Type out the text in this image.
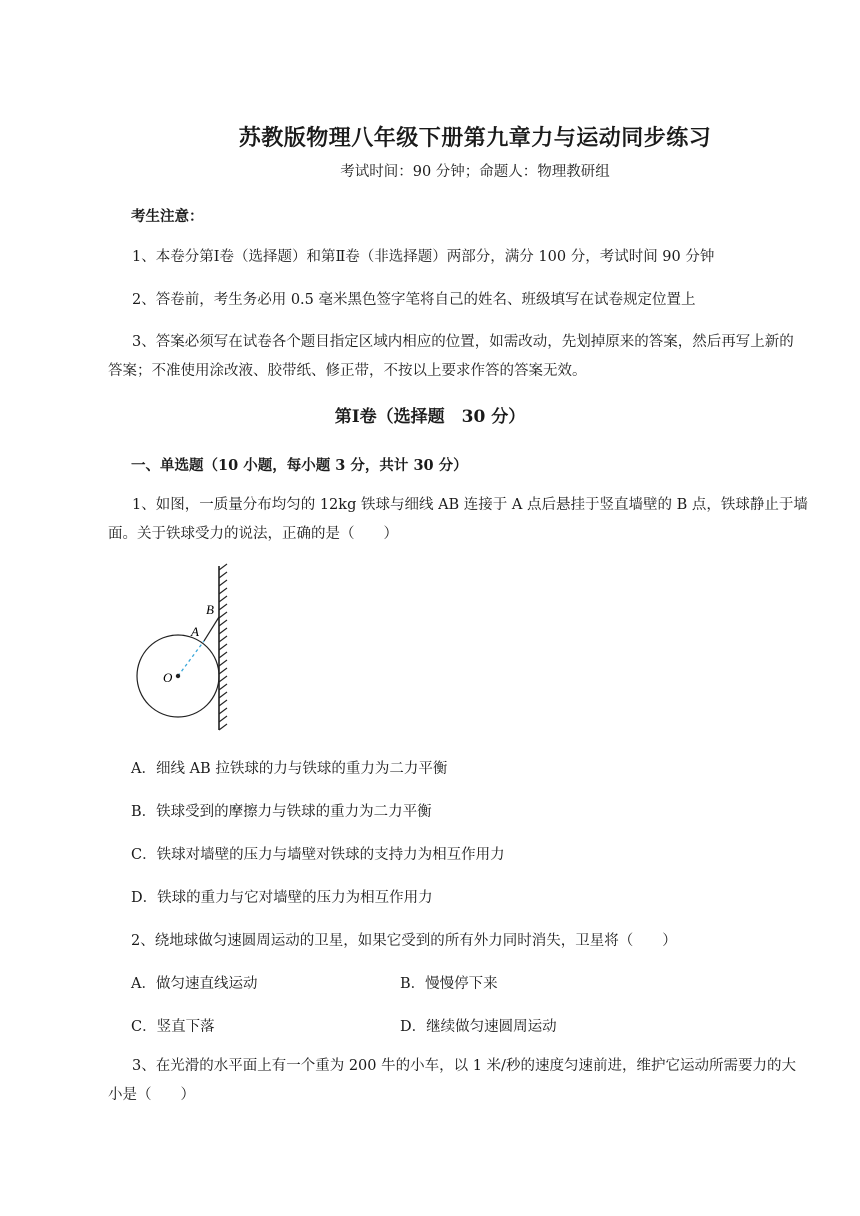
苏教版物理八年级下册第九章力与运动同步练习
考试时间：90 分钟；命题人：物理教研组
考生注意：
1、本卷分第Ⅰ卷（选择题）和第Ⅱ卷（非选择题）两部分，满分 100 分，考试时间 90 分钟
2、答卷前，考生务必用 0.5 毫米黑色签字笔将自己的姓名、班级填写在试卷规定位置上
3、答案必须写在试卷各个题目指定区域内相应的位置，如需改动，先划掉原来的答案，然后再写上新的答案；不准使用涂改液、胶带纸、修正带，不按以上要求作答的答案无效。
第Ⅰ卷（选择题　30 分）
一、单选题（10 小题，每小题 3 分，共计 30 分）
1、如图，一质量分布均匀的 12kg 铁球与细线 AB 连接于 A 点后悬挂于竖直墙壁的 B 点，铁球静止于墙面。关于铁球受力的说法，正确的是（　　）
B
A
O
A．细线 AB 拉铁球的力与铁球的重力为二力平衡
B．铁球受到的摩擦力与铁球的重力为二力平衡
C．铁球对墙壁的压力与墙壁对铁球的支持力为相互作用力
D．铁球的重力与它对墙壁的压力为相互作用力
2、绕地球做匀速圆周运动的卫星，如果它受到的所有外力同时消失，卫星将（　　）
A．做匀速直线运动	B．慢慢停下来
C．竖直下落	D．继续做匀速圆周运动
3、在光滑的水平面上有一个重为 200 牛的小车，以 1 米/秒的速度匀速前进，维护它运动所需要力的大小是（　　）
